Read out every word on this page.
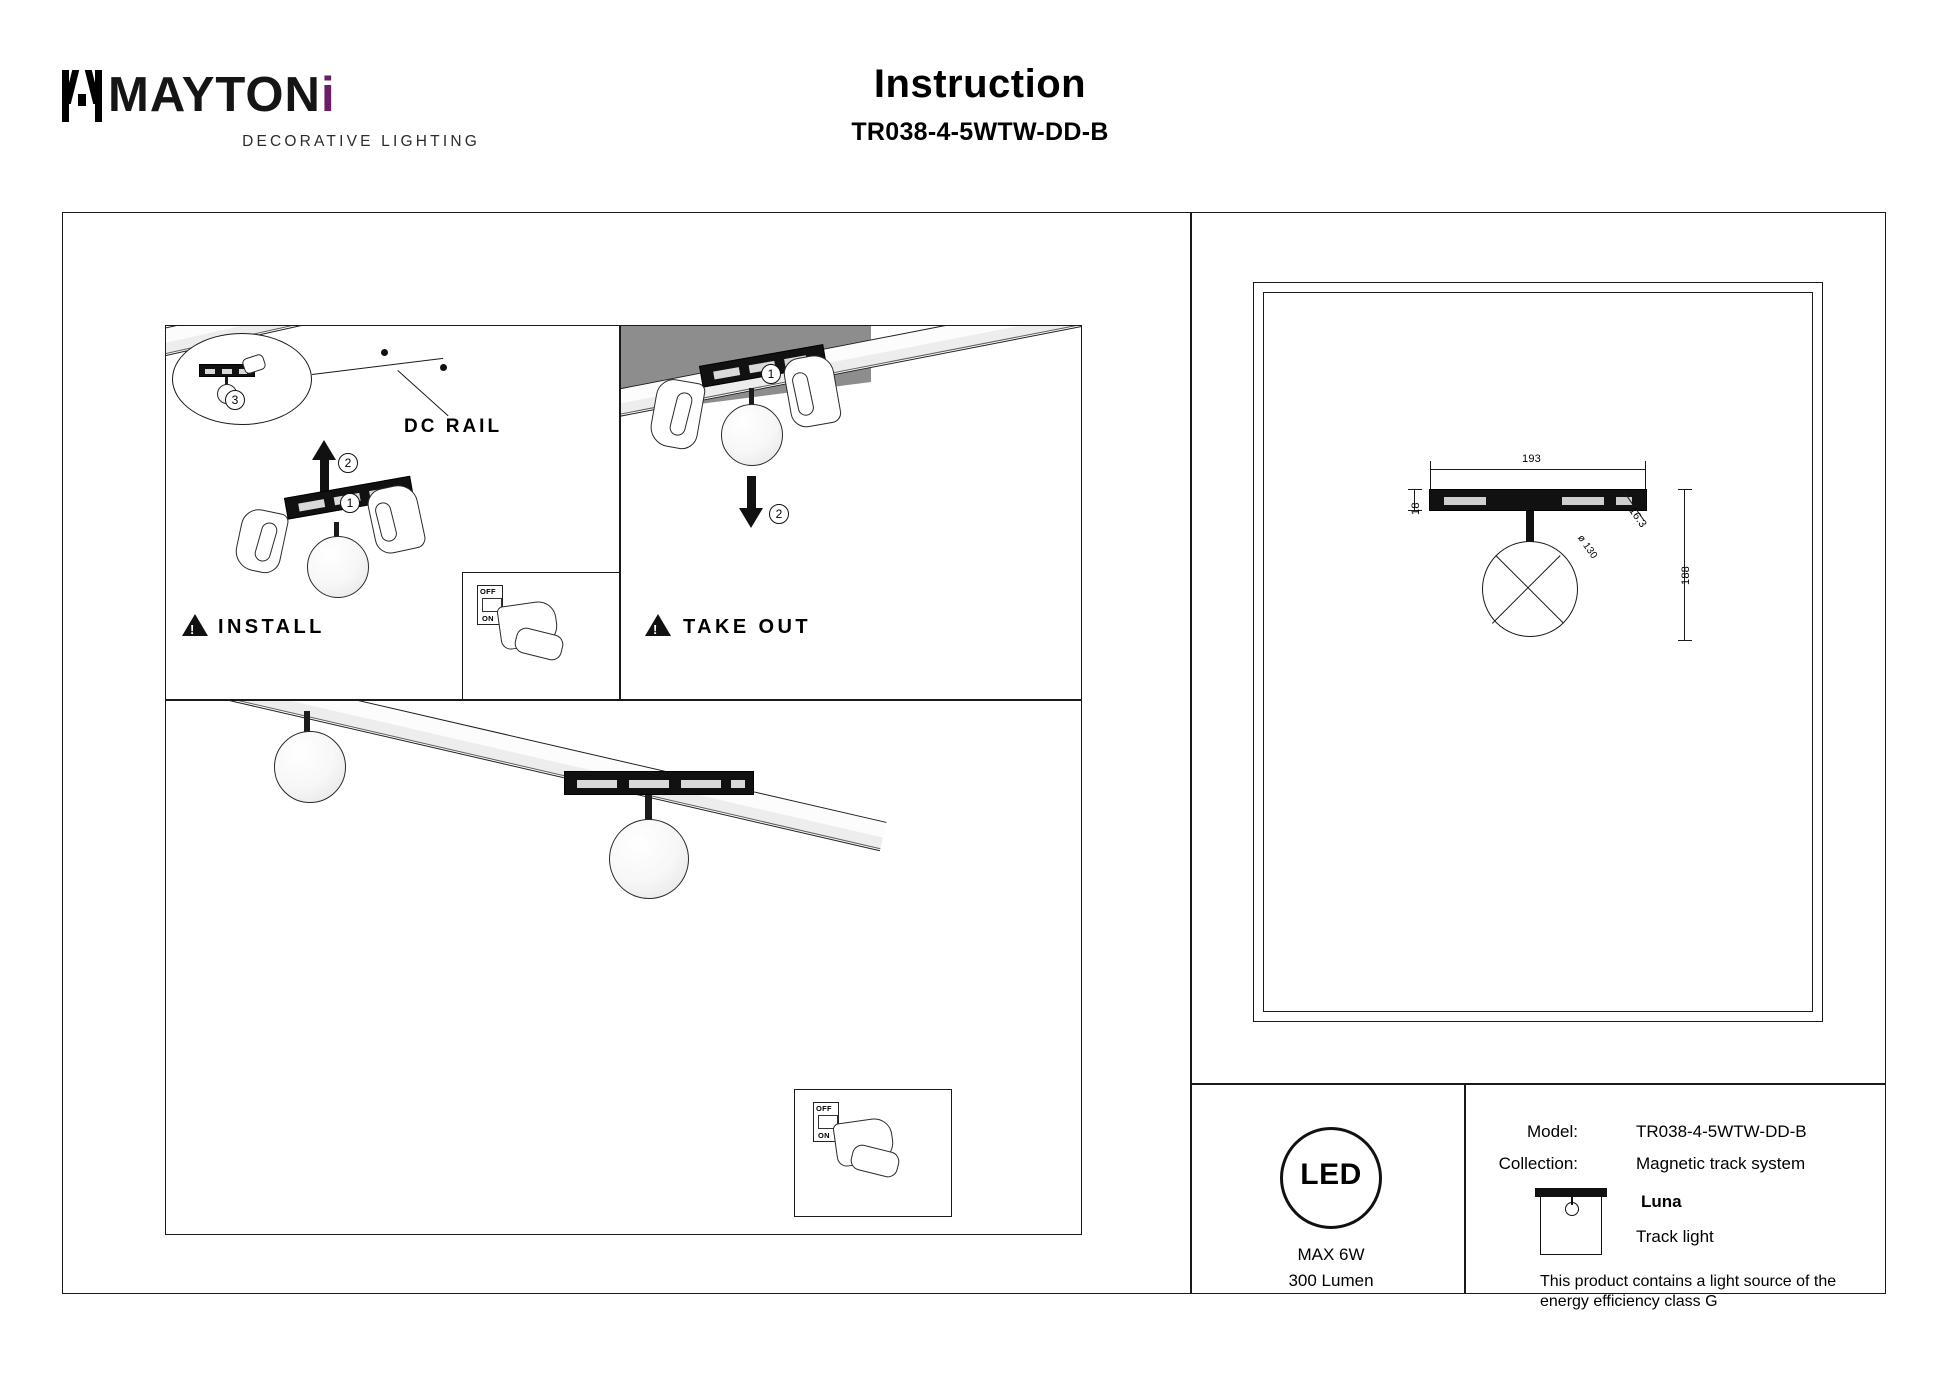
MAYTONi
DECORATIVE LIGHTING
Instruction
TR038-4-5WTW-DD-B
3
DC RAIL
2
1
! INSTALL
OFF
ON
1
2
! TAKE OUT
OFF
ON
193
18	16.3
ø 130
188
LED
MAX 6W
300 Lumen
Model:	TR038-4-5WTW-DD-B
Collection:	Magnetic track system
Luna
Track light
This product contains a light source of the
energy efficiency class G
